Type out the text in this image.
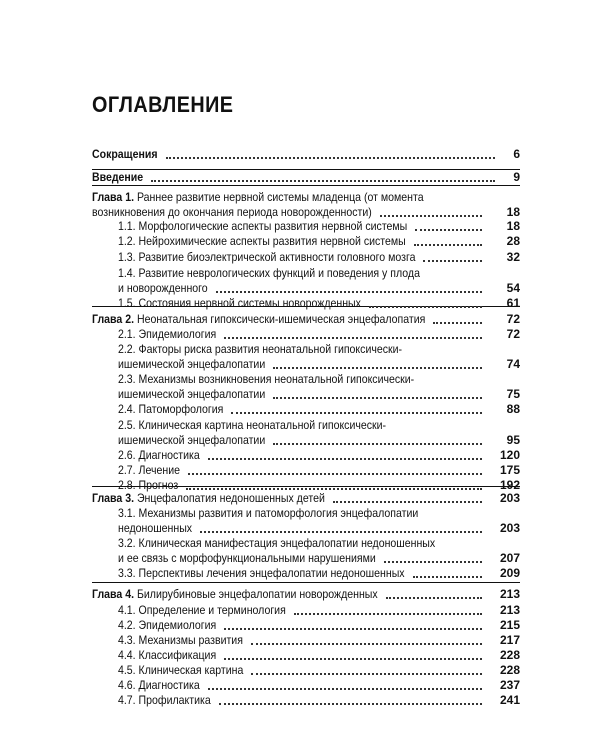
ОГЛАВЛЕНИЕ
Сокращения	6
Введение	9
Глава 1. Раннее развитие нервной системы младенца (от момента
возникновения до окончания периода новорожденности)	18
1.1. Морфологические аспекты развития нервной системы	18
1.2. Нейрохимические аспекты развития нервной системы	28
1.3. Развитие биоэлектрической активности головного мозга	32
1.4. Развитие неврологических функций и поведения у плода
и новорожденного	54
1.5. Состояния нервной системы новорожденных	61
Глава 2. Неонатальная гипоксически-ишемическая энцефалопатия	72
2.1. Эпидемиология	72
2.2. Факторы риска развития неонатальной гипоксически-
ишемической энцефалопатии	74
2.3. Механизмы возникновения неонатальной гипоксически-
ишемической энцефалопатии	75
2.4. Патоморфология	88
2.5. Клиническая картина неонатальной гипоксически-
ишемической энцефалопатии	95
2.6. Диагностика	120
2.7. Лечение	175
2.8. Прогноз	192
Глава 3. Энцефалопатия недоношенных детей	203
3.1. Механизмы развития и патоморфология энцефалопатии
недоношенных	203
3.2. Клиническая манифестация энцефалопатии недоношенных
и ее связь с морфофункциональными нарушениями	207
3.3. Перспективы лечения энцефалопатии недоношенных	209
Глава 4. Билирубиновые энцефалопатии новорожденных	213
4.1. Определение и терминология	213
4.2. Эпидемиология	215
4.3. Механизмы развития	217
4.4. Классификация	228
4.5. Клиническая картина	228
4.6. Диагностика	237
4.7. Профилактика	241
